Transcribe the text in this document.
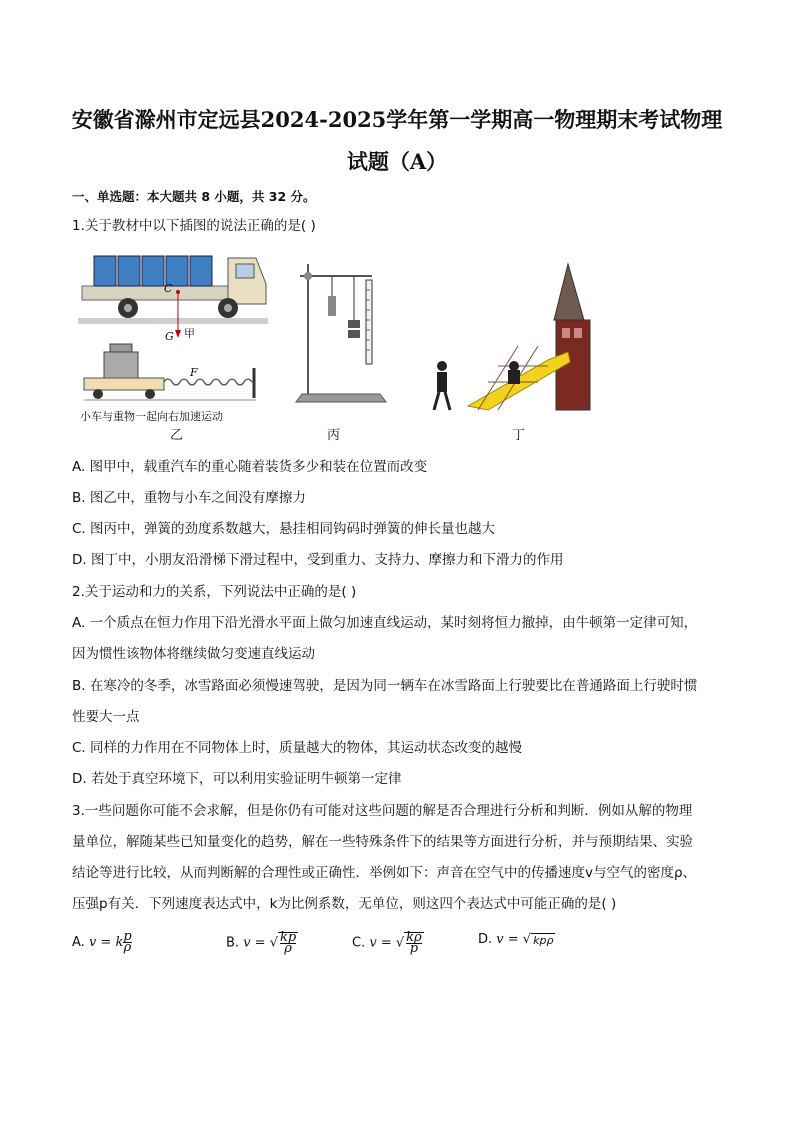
安徽省滁州市定远县2024-2025学年第一学期高一物理期末考试物理
试题（A）
一、单选题：本大题共 8 小题，共 32 分。
1.关于教材中以下插图的说法正确的是( )
C
G 甲
F
小车与重物一起向右加速运动
乙	丙	丁
A. 图甲中，载重汽车的重心随着装货多少和装在位置而改变
B. 图乙中，重物与小车之间没有摩擦力
C. 图丙中，弹簧的劲度系数越大，悬挂相同钩码时弹簧的伸长量也越大
D. 图丁中，小朋友沿滑梯下滑过程中，受到重力、支持力、摩擦力和下滑力的作用
2.关于运动和力的关系，下列说法中正确的是( )
A. 一个质点在恒力作用下沿光滑水平面上做匀加速直线运动，某时刻将恒力撤掉，由牛顿第一定律可知，
因为惯性该物体将继续做匀变速直线运动
B. 在寒冷的冬季，冰雪路面必须慢速驾驶，是因为同一辆车在冰雪路面上行驶要比在普通路面上行驶时惯
性要大一点
C. 同样的力作用在不同物体上时，质量越大的物体，其运动状态改变的越慢
D. 若处于真空环境下，可以利用实验证明牛顿第一定律
3.一些问题你可能不会求解，但是你仍有可能对这些问题的解是否合理进行分析和判断．例如从解的物理
量单位，解随某些已知量变化的趋势，解在一些特殊条件下的结果等方面进行分析，并与预期结果、实验
结论等进行比较，从而判断解的合理性或正确性．举例如下：声音在空气中的传播速度v与空气的密度ρ、
压强p有关．下列速度表达式中，k为比例系数，无单位，则这四个表达式中可能正确的是( )
A. v = k $\frac{p}{\rho}$	B. v = √ $\frac{kp}{\rho}$	C. v = √ $\frac{k\rho}{p}$	D. v = √ kpρ
